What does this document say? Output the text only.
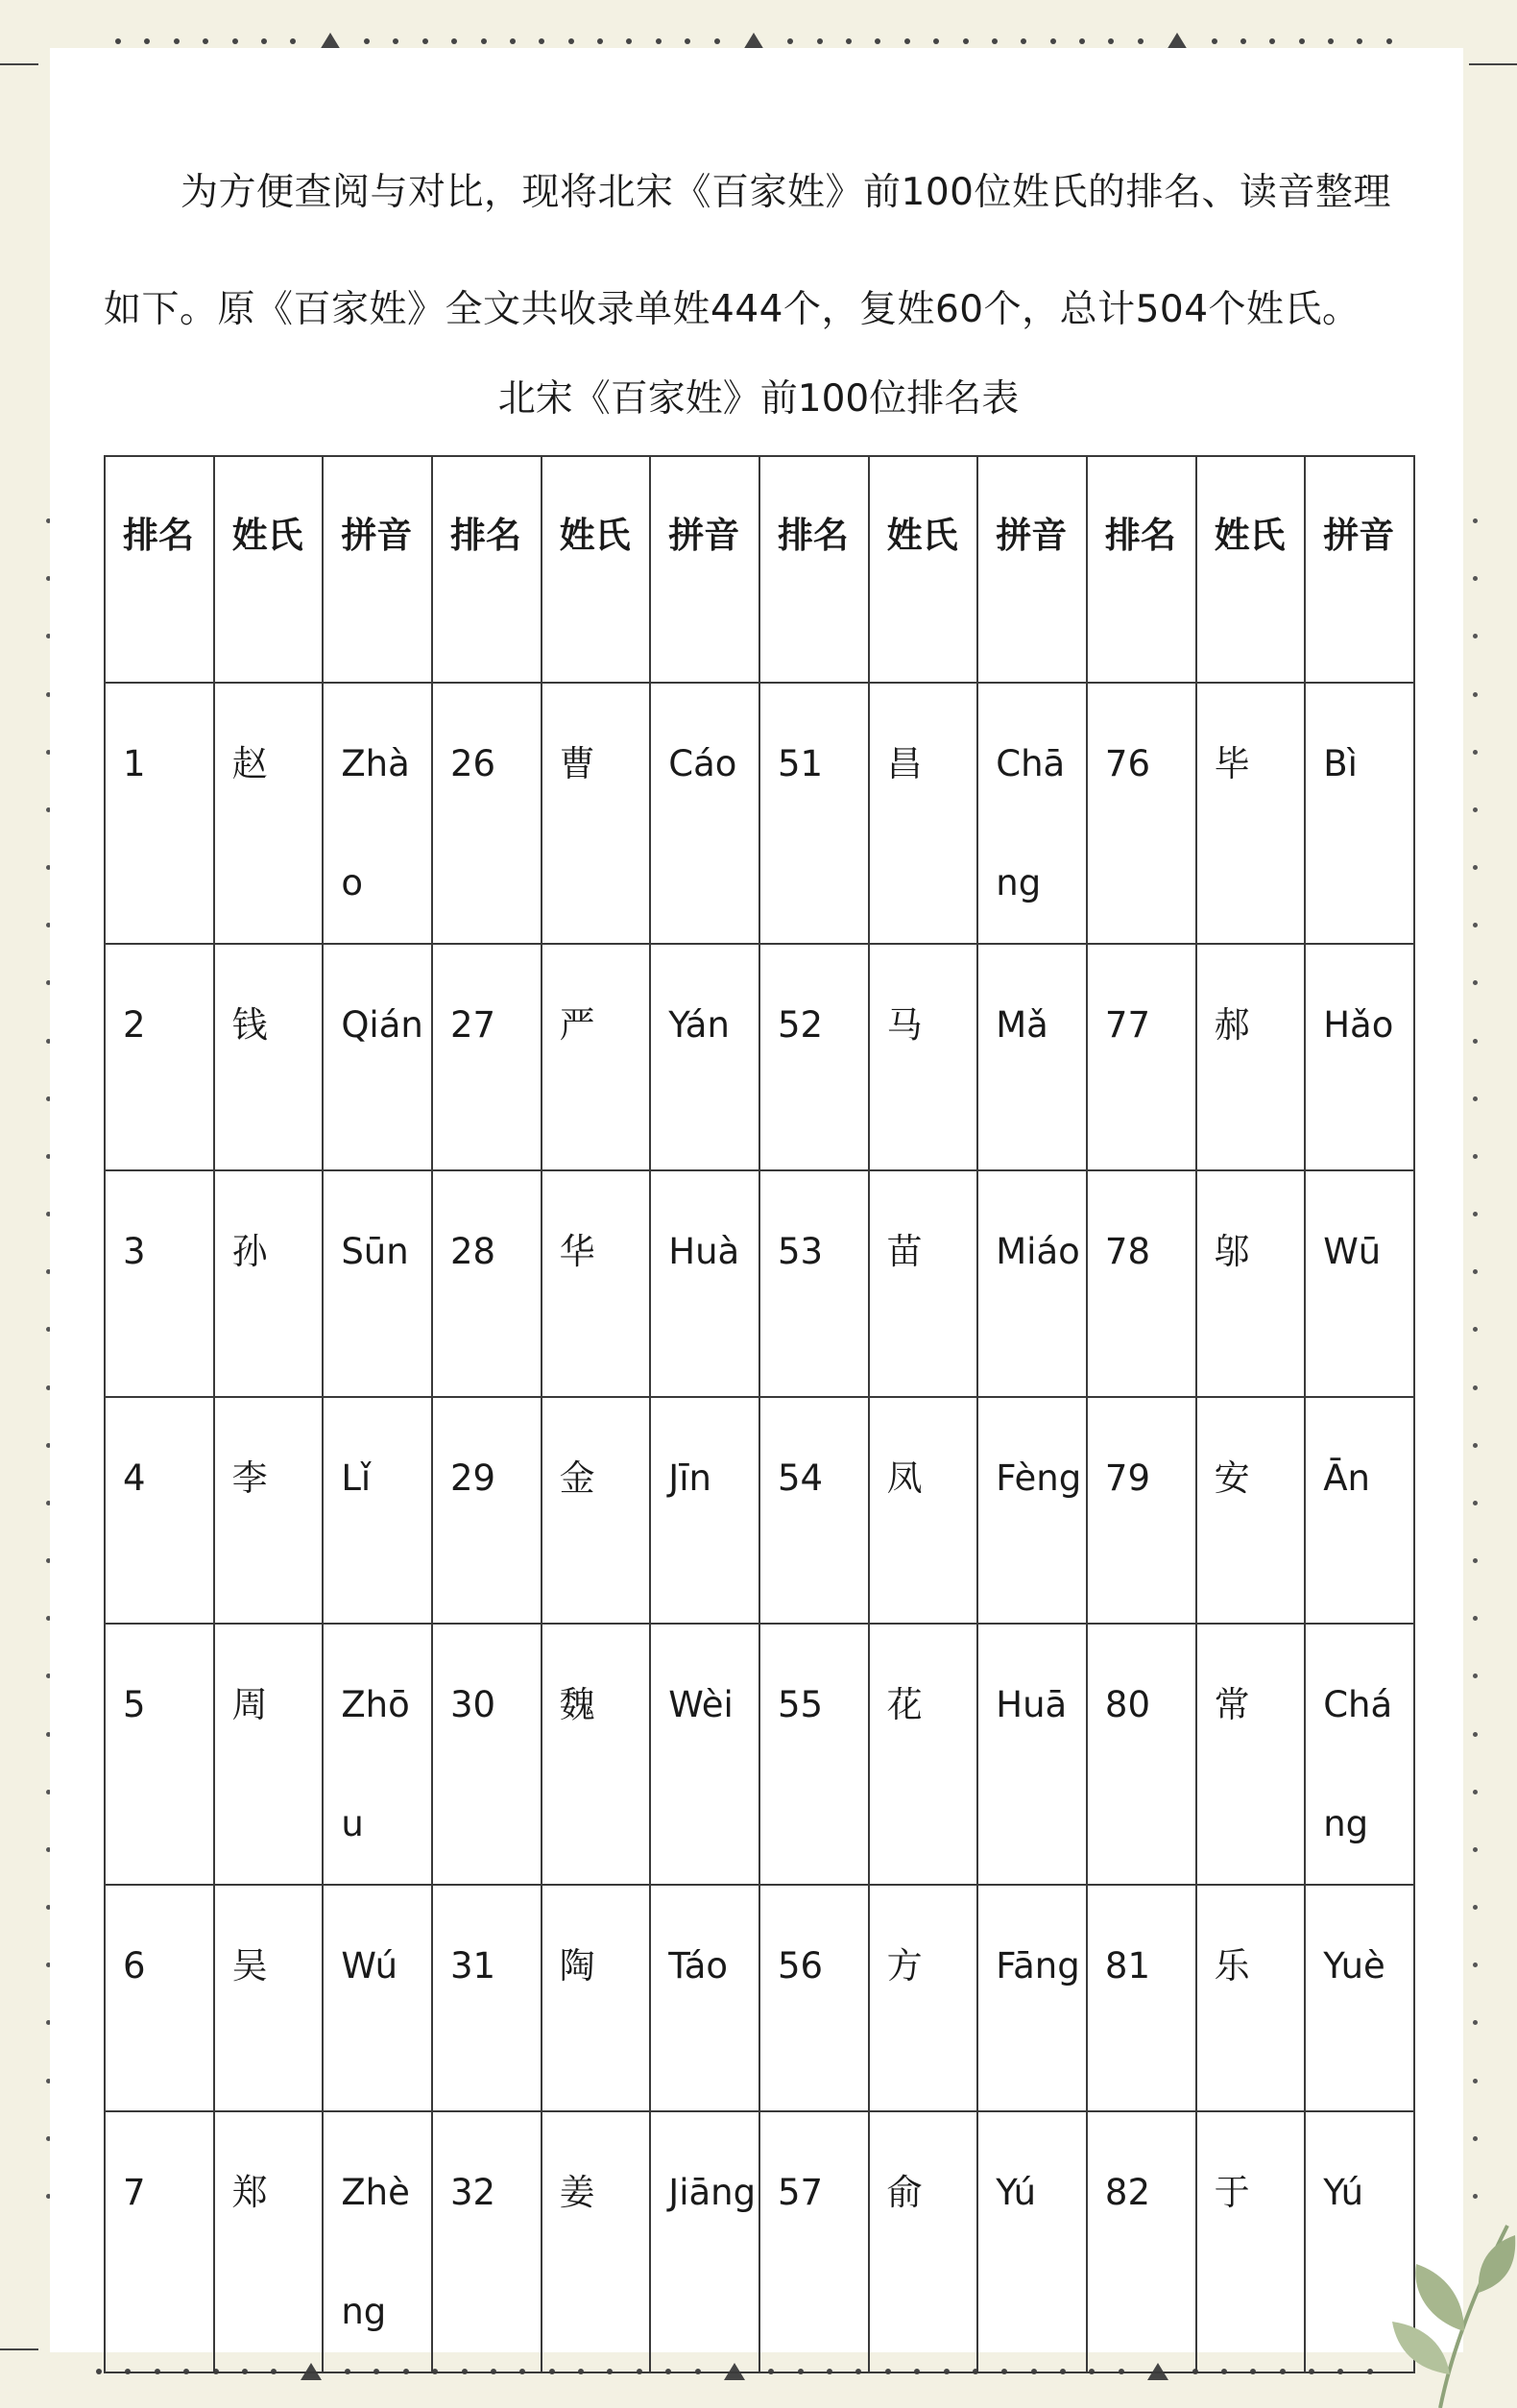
为方便查阅与对比，现将北宋《百家姓》前100位姓氏的排名、读音整理如下。原《百家姓》全文共收录单姓444个，复姓60个，总计504个姓氏。

北宋《百家姓》前100位排名表
排名	姓氏	拼音	排名	姓氏	拼音	排名	姓氏	拼音	排名	姓氏	拼音
1	赵	Zhào	26	曹	Cáo	51	昌	Chāng	76	毕	Bì
2	钱	Qián	27	严	Yán	52	马	Mǎ	77	郝	Hǎo
3	孙	Sūn	28	华	Huà	53	苗	Miáo	78	邬	Wū
4	李	Lǐ	29	金	Jīn	54	凤	Fèng	79	安	Ān
5	周	Zhōu	30	魏	Wèi	55	花	Huā	80	常	Cháng
6	吴	Wú	31	陶	Táo	56	方	Fāng	81	乐	Yuè
7	郑	Zhèng	32	姜	Jiāng	57	俞	Yú	82	于	Yú
